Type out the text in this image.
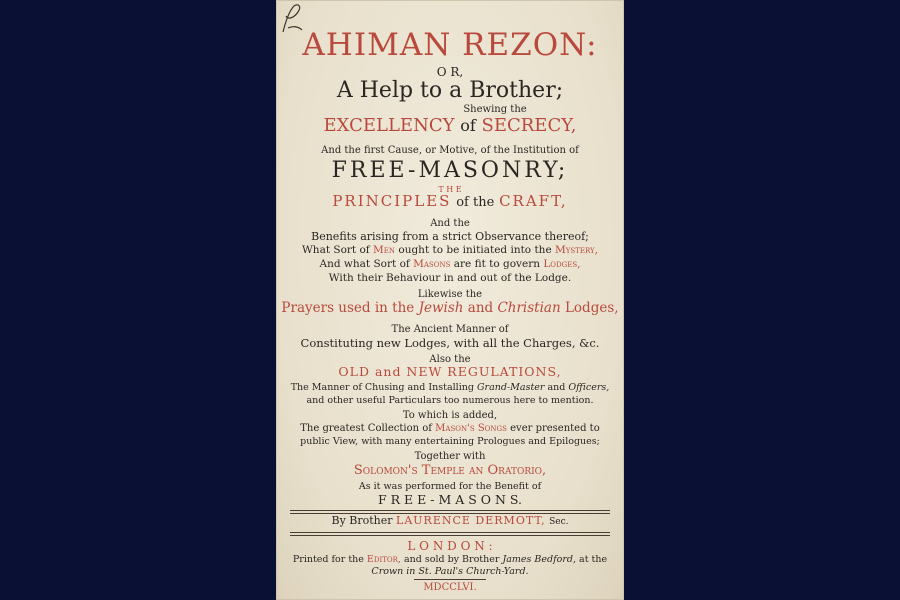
AHIMAN REZON:
O R,
A Help to a Brother;
Shewing the
EXCELLENCY of SECRECY,
And the first Cause, or Motive, of the Institution of
FREE-MASONRY;
T H E
PRINCIPLES of the CRAFT,
And the
Benefits arising from a strict Observance thereof;
What Sort of Men ought to be initiated into the Mystery,
And what Sort of Masons are fit to govern Lodges,
With their Behaviour in and out of the Lodge.
Likewise the
Prayers used in the Jewish and Christian Lodges,
The Ancient Manner of
Constituting new Lodges, with all the Charges, &c.
Also the
OLD and NEW REGULATIONS,
The Manner of Chusing and Installing Grand-Master and Officers,
and other useful Particulars too numerous here to mention.
To which is added,
The greatest Collection of Mason's Songs ever presented to
public View, with many entertaining Prologues and Epilogues;
Together with
Solomon's Temple an Oratorio,
As it was performed for the Benefit of
F R E E - M A S O N S.
By Brother LAURENCE DERMOTT, Sec.
L O N D O N :
Printed for the Editor, and sold by Brother James Bedford, at the
Crown in St. Paul's Church-Yard.
MDCCLVI.
